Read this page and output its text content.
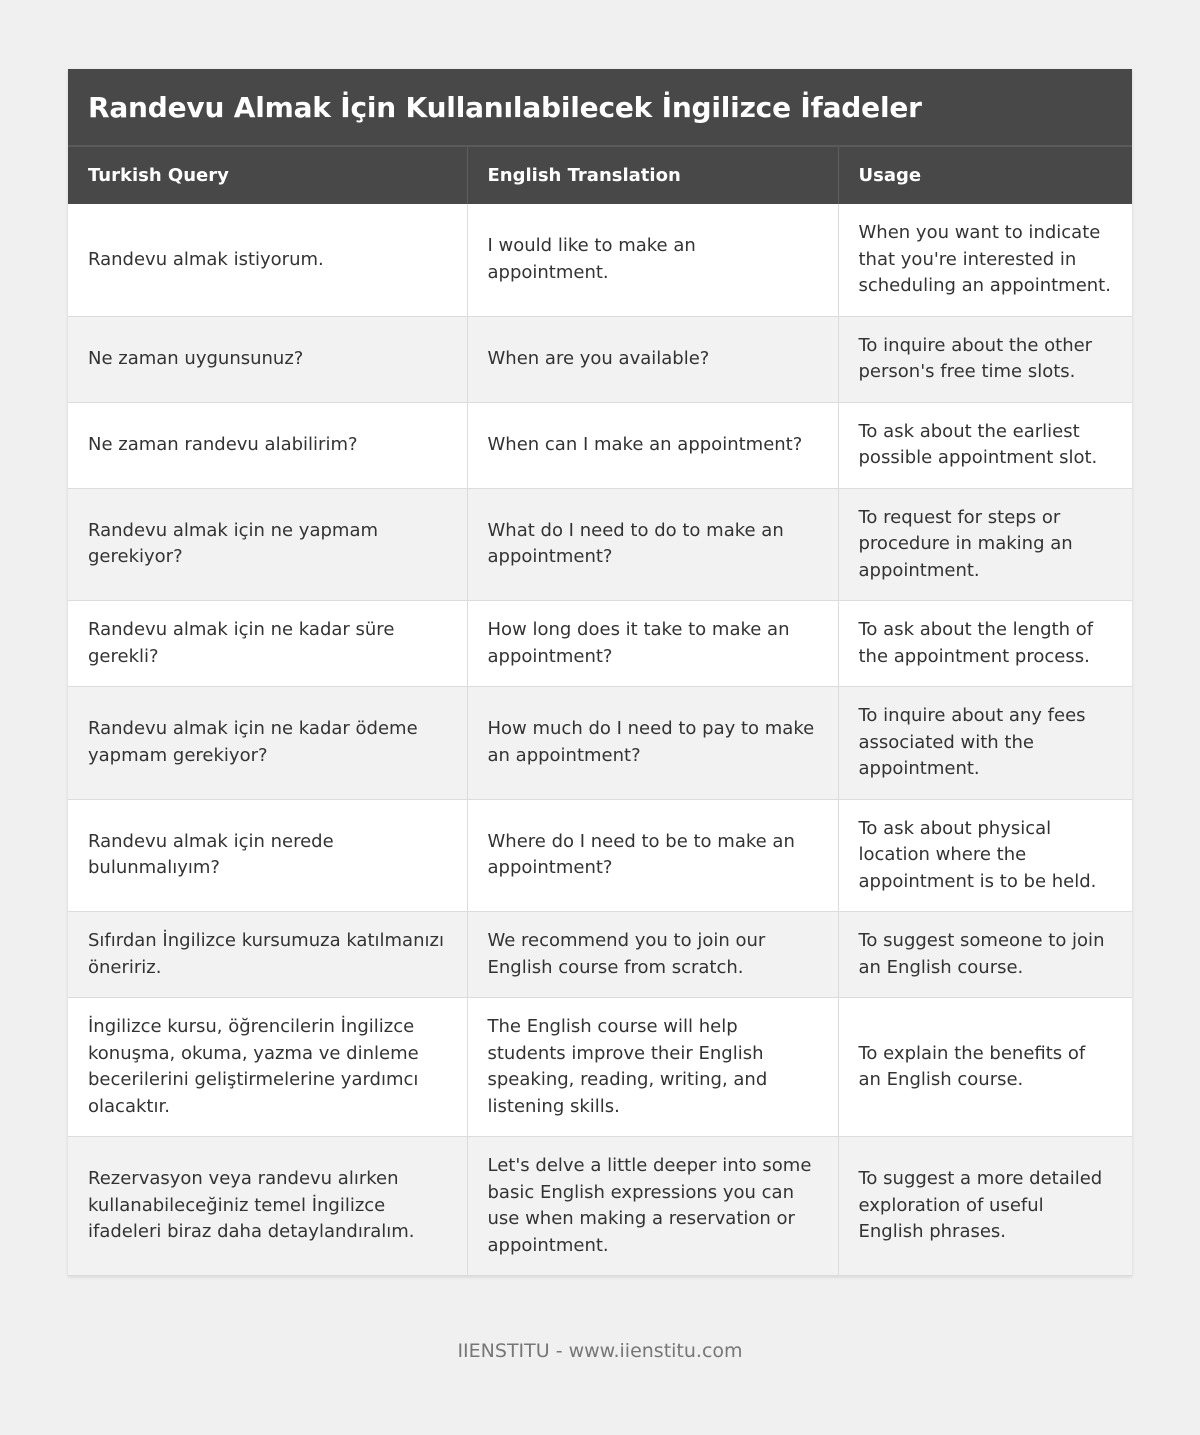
Randevu Almak İçin Kullanılabilecek İngilizce İfadeler
Turkish Query	English Translation	Usage
Randevu almak istiyorum.	I would like to make an appointment.	When you want to indicate that you're interested in scheduling an appointment.
Ne zaman uygunsunuz?	When are you available?	To inquire about the other person's free time slots.
Ne zaman randevu alabilirim?	When can I make an appointment?	To ask about the earliest possible appointment slot.
Randevu almak için ne yapmam gerekiyor?	What do I need to do to make an appointment?	To request for steps or procedure in making an appointment.
Randevu almak için ne kadar süre gerekli?	How long does it take to make an appointment?	To ask about the length of the appointment process.
Randevu almak için ne kadar ödeme yapmam gerekiyor?	How much do I need to pay to make an appointment?	To inquire about any fees associated with the appointment.
Randevu almak için nerede bulunmalıyım?	Where do I need to be to make an appointment?	To ask about physical location where the appointment is to be held.
Sıfırdan İngilizce kursumuza katılmanızı öneririz.	We recommend you to join our English course from scratch.	To suggest someone to join an English course.
İngilizce kursu, öğrencilerin İngilizce konuşma, okuma, yazma ve dinleme becerilerini geliştirmelerine yardımcı olacaktır.	The English course will help students improve their English speaking, reading, writing, and listening skills.	To explain the benefits of an English course.
Rezervasyon veya randevu alırken kullanabileceğiniz temel İngilizce ifadeleri biraz daha detaylandıralım.	Let's delve a little deeper into some basic English expressions you can use when making a reservation or appointment.	To suggest a more detailed exploration of useful English phrases.
IIENSTITU - www.iienstitu.com
